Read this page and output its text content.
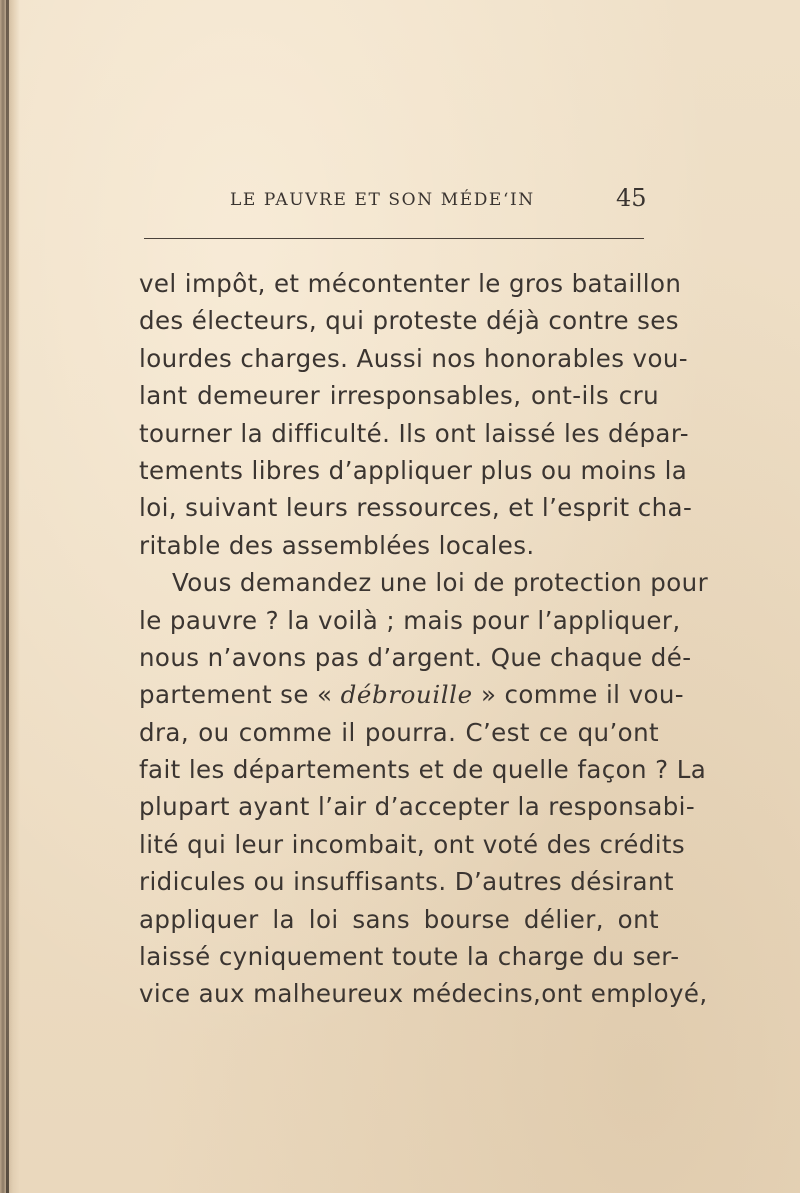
LE PAUVRE ET SON MÉDE‘IN	45
vel impôt, et mécontenter le gros bataillon
des électeurs, qui proteste déjà contre ses
lourdes charges. Aussi nos honorables vou-
lant demeurer irresponsables, ont-ils cru
tourner la difficulté. Ils ont laissé les dépar-
tements libres d’appliquer plus ou moins la
loi, suivant leurs ressources, et l’esprit cha-
ritable des assemblées locales.
Vous demandez une loi de protection pour
le pauvre ? la voilà ; mais pour l’appliquer,
nous n’avons pas d’argent. Que chaque dé-
partement se « débrouille » comme il vou-
dra, ou comme il pourra. C’est ce qu’ont
fait les départements et de quelle façon ? La
plupart ayant l’air d’accepter la responsabi-
lité qui leur incombait, ont voté des crédits
ridicules ou insuffisants. D’autres désirant
appliquer la loi sans bourse délier, ont
laissé cyniquement toute la charge du ser-
vice aux malheureux médecins,ont employé,
